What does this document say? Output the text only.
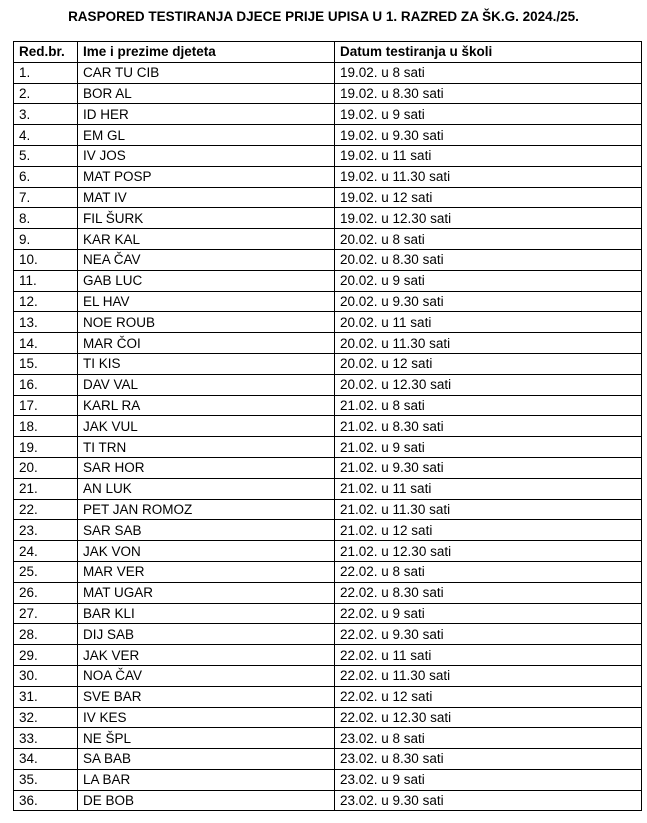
RASPORED TESTIRANJA DJECE PRIJE UPISA U 1. RAZRED ZA ŠK.G. 2024./25.
Red.br.	Ime i prezime djeteta	Datum testiranja u školi
1.	CAR TU CIB	19.02. u 8 sati
2.	BOR AL	19.02. u 8.30 sati
3.	ID HER	19.02. u 9 sati
4.	EM GL	19.02. u 9.30 sati
5.	IV JOS	19.02. u 11 sati
6.	MAT POSP	19.02. u 11.30 sati
7.	MAT IV	19.02. u 12 sati
8.	FIL ŠURK	19.02. u 12.30 sati
9.	KAR KAL	20.02. u 8 sati
10.	NEA ČAV	20.02. u 8.30 sati
11.	GAB LUC	20.02. u 9 sati
12.	EL HAV	20.02. u 9.30 sati
13.	NOE ROUB	20.02. u 11 sati
14.	MAR ČOI	20.02. u 11.30 sati
15.	TI KIS	20.02. u 12 sati
16.	DAV VAL	20.02. u 12.30 sati
17.	KARL RA	21.02. u 8 sati
18.	JAK VUL	21.02. u 8.30 sati
19.	TI TRN	21.02. u 9 sati
20.	SAR HOR	21.02. u 9.30 sati
21.	AN LUK	21.02. u 11 sati
22.	PET JAN ROMOZ	21.02. u 11.30 sati
23.	SAR SAB	21.02. u 12 sati
24.	JAK VON	21.02. u 12.30 sati
25.	MAR VER	22.02. u 8 sati
26.	MAT UGAR	22.02. u 8.30 sati
27.	BAR KLI	22.02. u 9 sati
28.	DIJ SAB	22.02. u 9.30 sati
29.	JAK VER	22.02. u 11 sati
30.	NOA ČAV	22.02. u 11.30 sati
31.	SVE BAR	22.02. u 12 sati
32.	IV KES	22.02. u 12.30 sati
33.	NE ŠPL	23.02. u 8 sati
34.	SA BAB	23.02. u 8.30 sati
35.	LA BAR	23.02. u 9 sati
36.	DE BOB	23.02. u 9.30 sati
